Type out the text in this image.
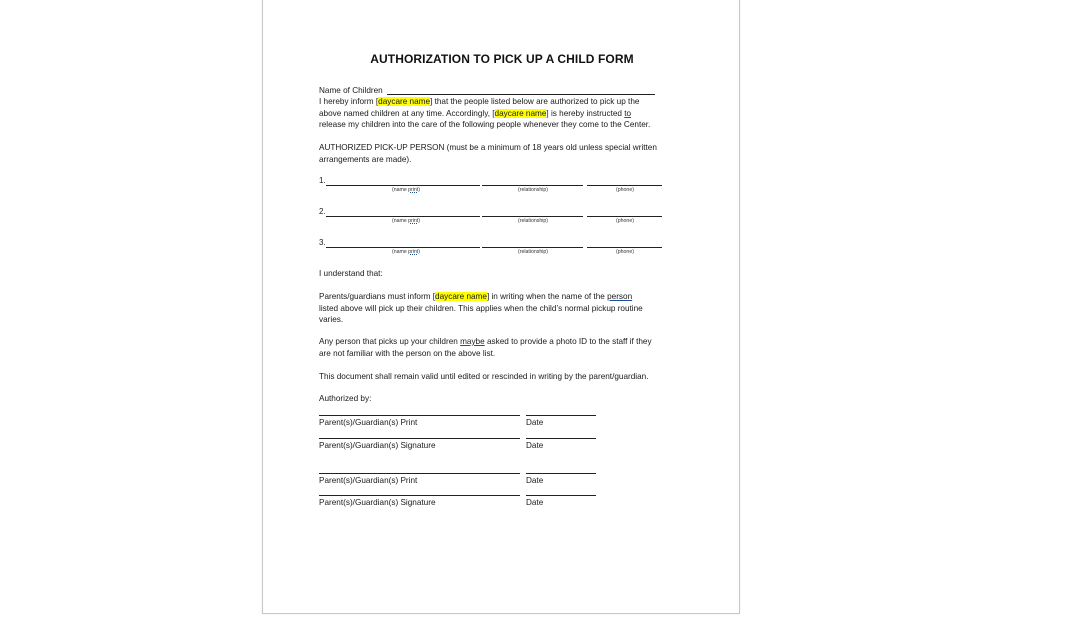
AUTHORIZATION TO PICK UP A CHILD FORM
Name of Children
I hereby inform [daycare name] that the people listed below are authorized to pick up the
above named children at any time. Accordingly, [daycare name] is hereby instructed to
release my children into the care of the following people whenever they come to the Center.
AUTHORIZED PICK-UP PERSON (must be a minimum of 18 years old unless special written
arrangements are made).
1.
(name print)	(relationship)	(phone)
2.
(name print)	(relationship)	(phone)
3.
(name print)	(relationship)	(phone)
I understand that:
Parents/guardians must inform [daycare name] in writing when the name of the person
listed above will pick up their children. This applies when the child’s normal pickup routine
varies.
Any person that picks up your children maybe asked to provide a photo ID to the staff if they
are not familiar with the person on the above list.
This document shall remain valid until edited or rescinded in writing by the parent/guardian.
Authorized by:
Parent(s)/Guardian(s) Print	Date
Parent(s)/Guardian(s) Signature	Date
Parent(s)/Guardian(s) Print	Date
Parent(s)/Guardian(s) Signature	Date
